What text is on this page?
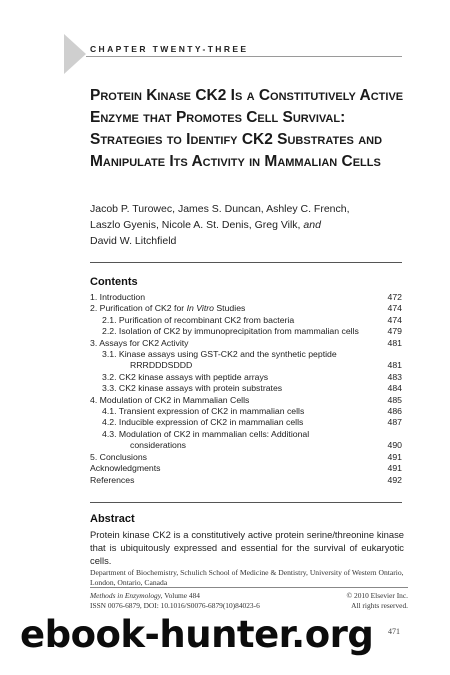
CHAPTER TWENTY-THREE
Protein Kinase CK2 Is a Constitutively Active Enzyme that Promotes Cell Survival: Strategies to Identify CK2 Substrates and Manipulate Its Activity in Mammalian Cells

Jacob P. Turowec, James S. Duncan, Ashley C. French,
Laszlo Gyenis, Nicole A. St. Denis, Greg Vilk, and
David W. Litchfield

Contents
1. Introduction	472
2. Purification of CK2 for In Vitro Studies	474
2.1. Purification of recombinant CK2 from bacteria	474
2.2. Isolation of CK2 by immunoprecipitation from mammalian cells	479
3. Assays for CK2 Activity	481
3.1. Kinase assays using GST-CK2 and the synthetic peptide
RRRDDDSDDD	481
3.2. CK2 kinase assays with peptide arrays	483
3.3. CK2 kinase assays with protein substrates	484
4. Modulation of CK2 in Mammalian Cells	485
4.1. Transient expression of CK2 in mammalian cells	486
4.2. Inducible expression of CK2 in mammalian cells	487
4.3. Modulation of CK2 in mammalian cells: Additional
considerations	490
5. Conclusions	491
Acknowledgments	491
References	492
Abstract

Protein kinase CK2 is a constitutively active protein serine/threonine kinase that is ubiquitously expressed and essential for the survival of eukaryotic cells.

Department of Biochemistry, Schulich School of Medicine & Dentistry, University of Western Ontario, London, Ontario, Canada

Methods in Enzymology, Volume 484	© 2010 Elsevier Inc.
ISSN 0076-6879, DOI: 10.1016/S0076-6879(10)84023-6	All rights reserved.
ebook-hunter.org 471
